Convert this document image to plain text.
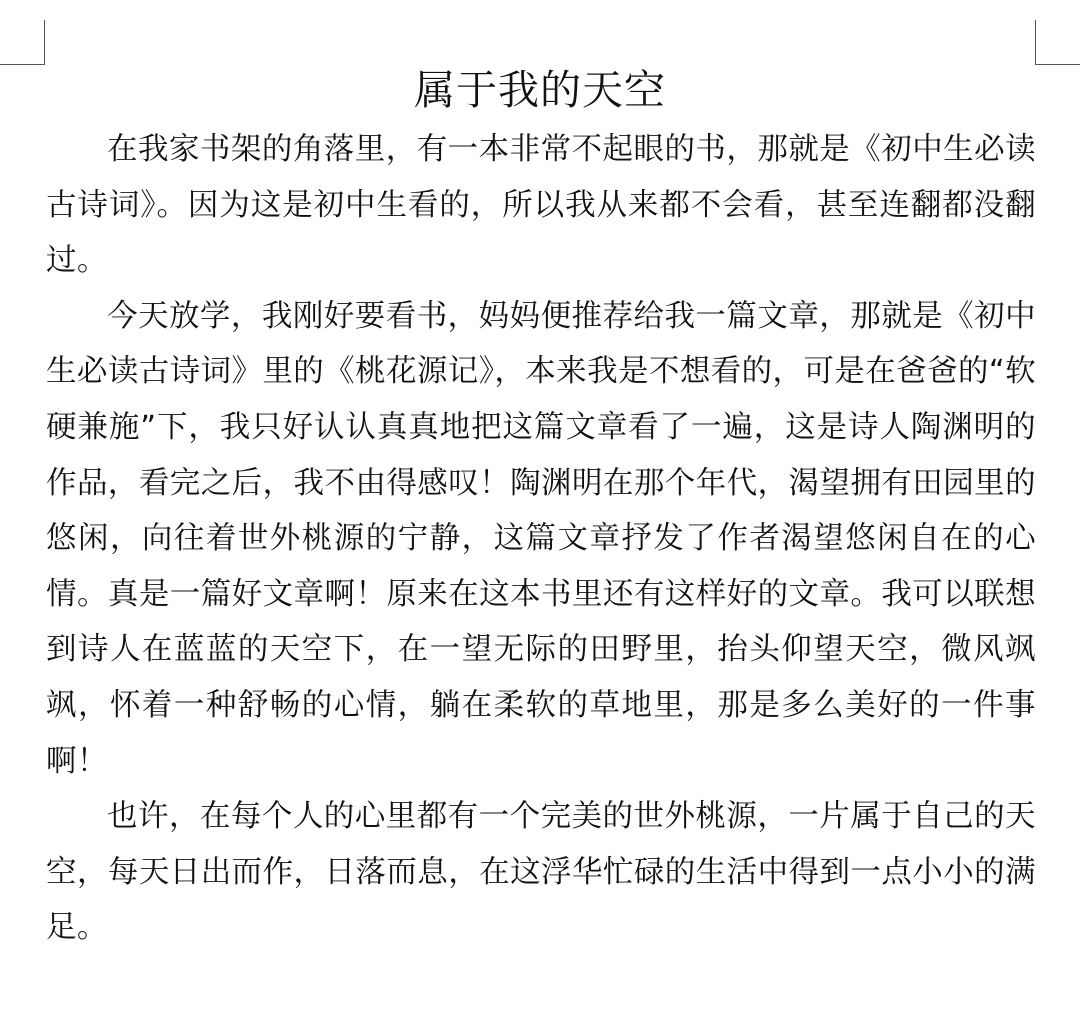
属于我的天空

在我家书架的角落里，有一本非常不起眼的书，那就是《初中生必读古诗词》。因为这是初中生看的，所以我从来都不会看，甚至连翻都没翻过。

今天放学，我刚好要看书，妈妈便推荐给我一篇文章，那就是《初中生必读古诗词》里的《桃花源记》，本来我是不想看的，可是在爸爸的“软硬兼施”下，我只好认认真真地把这篇文章看了一遍，这是诗人陶渊明的作品，看完之后，我不由得感叹！陶渊明在那个年代，渴望拥有田园里的悠闲，向往着世外桃源的宁静，这篇文章抒发了作者渴望悠闲自在的心情。真是一篇好文章啊！原来在这本书里还有这样好的文章。我可以联想到诗人在蓝蓝的天空下，在一望无际的田野里，抬头仰望天空，微风飒飒，怀着一种舒畅的心情，躺在柔软的草地里，那是多么美好的一件事啊！

也许，在每个人的心里都有一个完美的世外桃源，一片属于自己的天空，每天日出而作，日落而息，在这浮华忙碌的生活中得到一点小小的满足。
